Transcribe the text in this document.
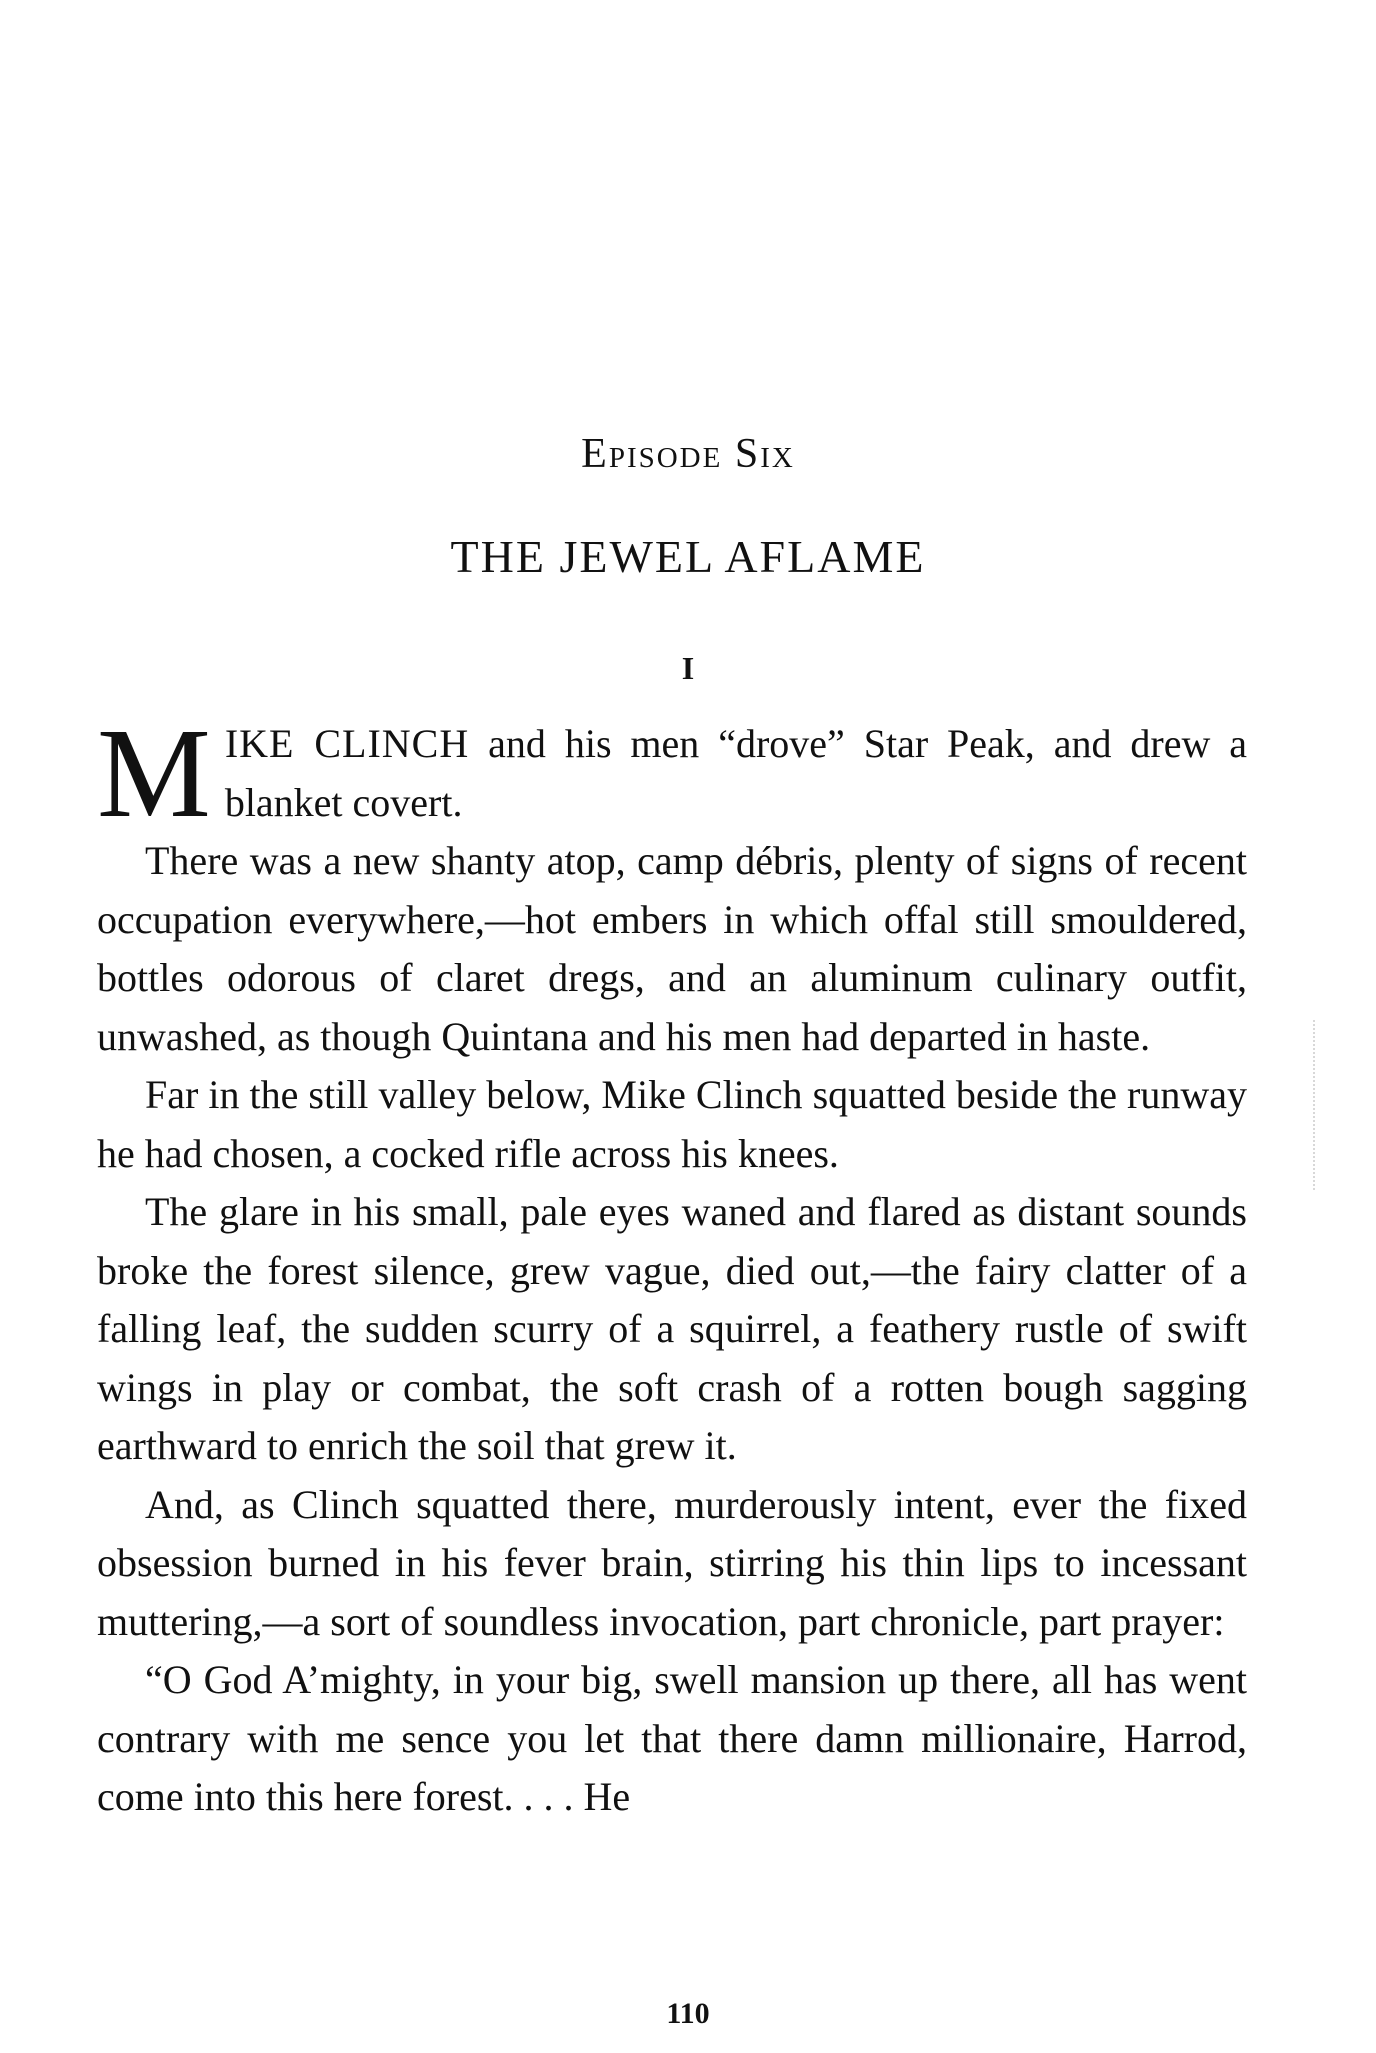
Episode Six
THE JEWEL AFLAME
I

MIKE CLINCH and his men “drove” Star Peak, and drew a blanket covert.

There was a new shanty atop, camp débris, plenty of signs of recent occupation everywhere,—hot embers in which offal still smouldered, bottles odorous of claret dregs, and an aluminum culinary outfit, unwashed, as though Quintana and his men had departed in haste.

Far in the still valley below, Mike Clinch squatted beside the runway he had chosen, a cocked rifle across his knees.

The glare in his small, pale eyes waned and flared as distant sounds broke the forest silence, grew vague, died out,—the fairy clatter of a falling leaf, the sudden scurry of a squirrel, a feathery rustle of swift wings in play or combat, the soft crash of a rotten bough sagging earthward to enrich the soil that grew it.

And, as Clinch squatted there, murderously intent, ever the fixed obsession burned in his fever brain, stirring his thin lips to incessant muttering,—a sort of soundless invocation, part chronicle, part prayer:

“O God A’mighty, in your big, swell mansion up there, all has went contrary with me sence you let that there damn millionaire, Harrod, come into this here forest. . . . He

110
